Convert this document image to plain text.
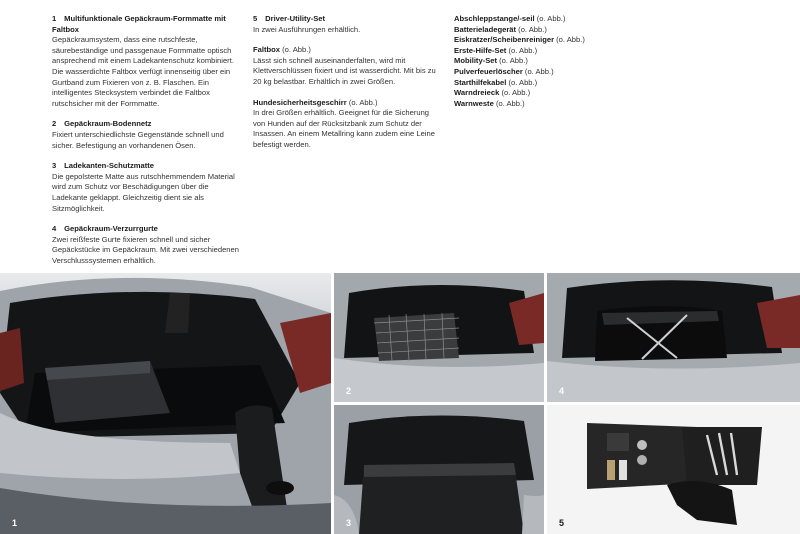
1 Multifunktionale Gepäckraum-Formmatte mit Faltbox
Gepäckraumsystem, dass eine rutschfeste, säurebeständige und passgenaue Formmatte optisch ansprechend mit einem Ladekantenschutz kombiniert. Die wasserdichte Faltbox verfügt innenseitig über ein Gurtband zum Fixieren von z. B. Flaschen. Ein intelligentes Stecksystem verbindet die Faltbox rutschsicher mit der Formmatte.
2 Gepäckraum-Bodennetz
Fixiert unterschiedlichste Gegenstände schnell und sicher. Befestigung an vorhandenen Ösen.
3 Ladekanten-Schutzmatte
Die gepolsterte Matte aus rutschhemmendem Material wird zum Schutz vor Beschädigungen über die Ladekante geklappt. Gleichzeitig dient sie als Sitzmöglichkeit.
4 Gepäckraum-Verzurrgurte
Zwei reißfeste Gurte fixieren schnell und sicher Gepäckstücke im Gepäckraum. Mit zwei verschiedenen Verschlusssystemen erhältlich.
5 Driver-Utility-Set
In zwei Ausführungen erhältlich.
Faltbox (o. Abb.)
Lässt sich schnell auseinanderfalten, wird mit Klettverschlüssen fixiert und ist wasserdicht. Mit bis zu 20 kg belastbar. Erhältlich in zwei Größen.
Hundesicherheitsgeschirr (o. Abb.)
In drei Größen erhältlich. Geeignet für die Sicherung von Hunden auf der Rücksitzbank zum Schutz der Insassen. An einem Metallring kann zudem eine Leine befestigt werden.
Abschleppstange/-seil (o. Abb.)
Batterieladegerät (o. Abb.)
Eiskratzer/Scheibenreiniger (o. Abb.)
Erste-Hilfe-Set (o. Abb.)
Mobility-Set (o. Abb.)
Pulverfeuerlöscher (o. Abb.)
Starthilfekabel (o. Abb.)
Warndreieck (o. Abb.)
Warnweste (o. Abb.)
1
2
3
4
5
